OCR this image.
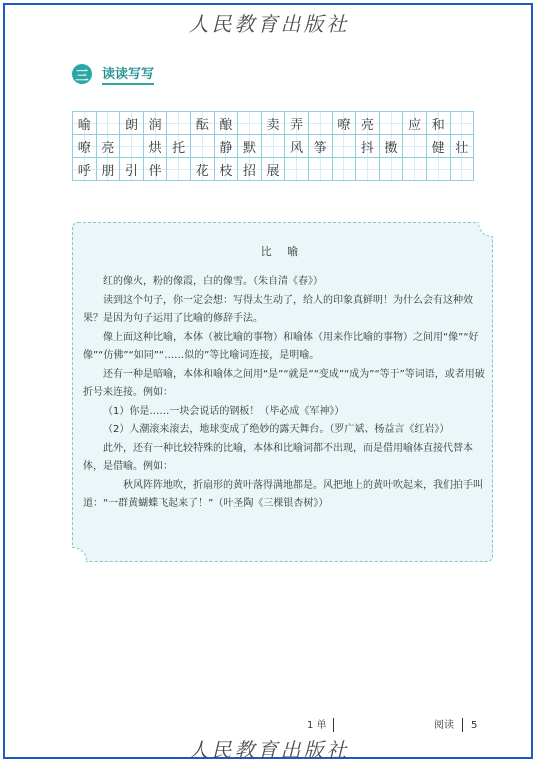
人民教育出版社
三 读读写写
喻		朗	润		酝	酿		卖	弄		嘹	亮		应	和	
嘹	亮		烘	托		静	默		风	筝		抖	擞		健	壮
呼	朋	引	伴		花	枝	招	展								
比 喻

红的像火，粉的像霞，白的像雪。（朱自清《春》）

读到这个句子，你一定会想：写得太生动了，给人的印象真鲜明！为什么会有这种效果？是因为句子运用了比喻的修辞手法。

像上面这种比喻，本体（被比喻的事物）和喻体（用来作比喻的事物）之间用“像”“好像”“仿佛”“如同”“……似的”等比喻词连接，是明喻。

还有一种是暗喻，本体和喻体之间用“是”“就是”“变成”“成为”“等于”等词语，或者用破折号来连接。例如：

（1）你是……一块会说话的钢板！（毕必成《军神》）

（2）人潮滚来滚去，地球变成了绝妙的露天舞台。（罗广斌、杨益言《红岩》）

此外，还有一种比较特殊的比喻，本体和比喻词都不出现，而是借用喻体直接代替本体，是借喻。例如：

秋风阵阵地吹，折扇形的黄叶落得满地都是。风把地上的黄叶吹起来，我们拍手叫道：“一群黄蝴蝶飞起来了！”（叶圣陶《三棵银杏树》）

1 单	阅读 5
人民教育出版社
